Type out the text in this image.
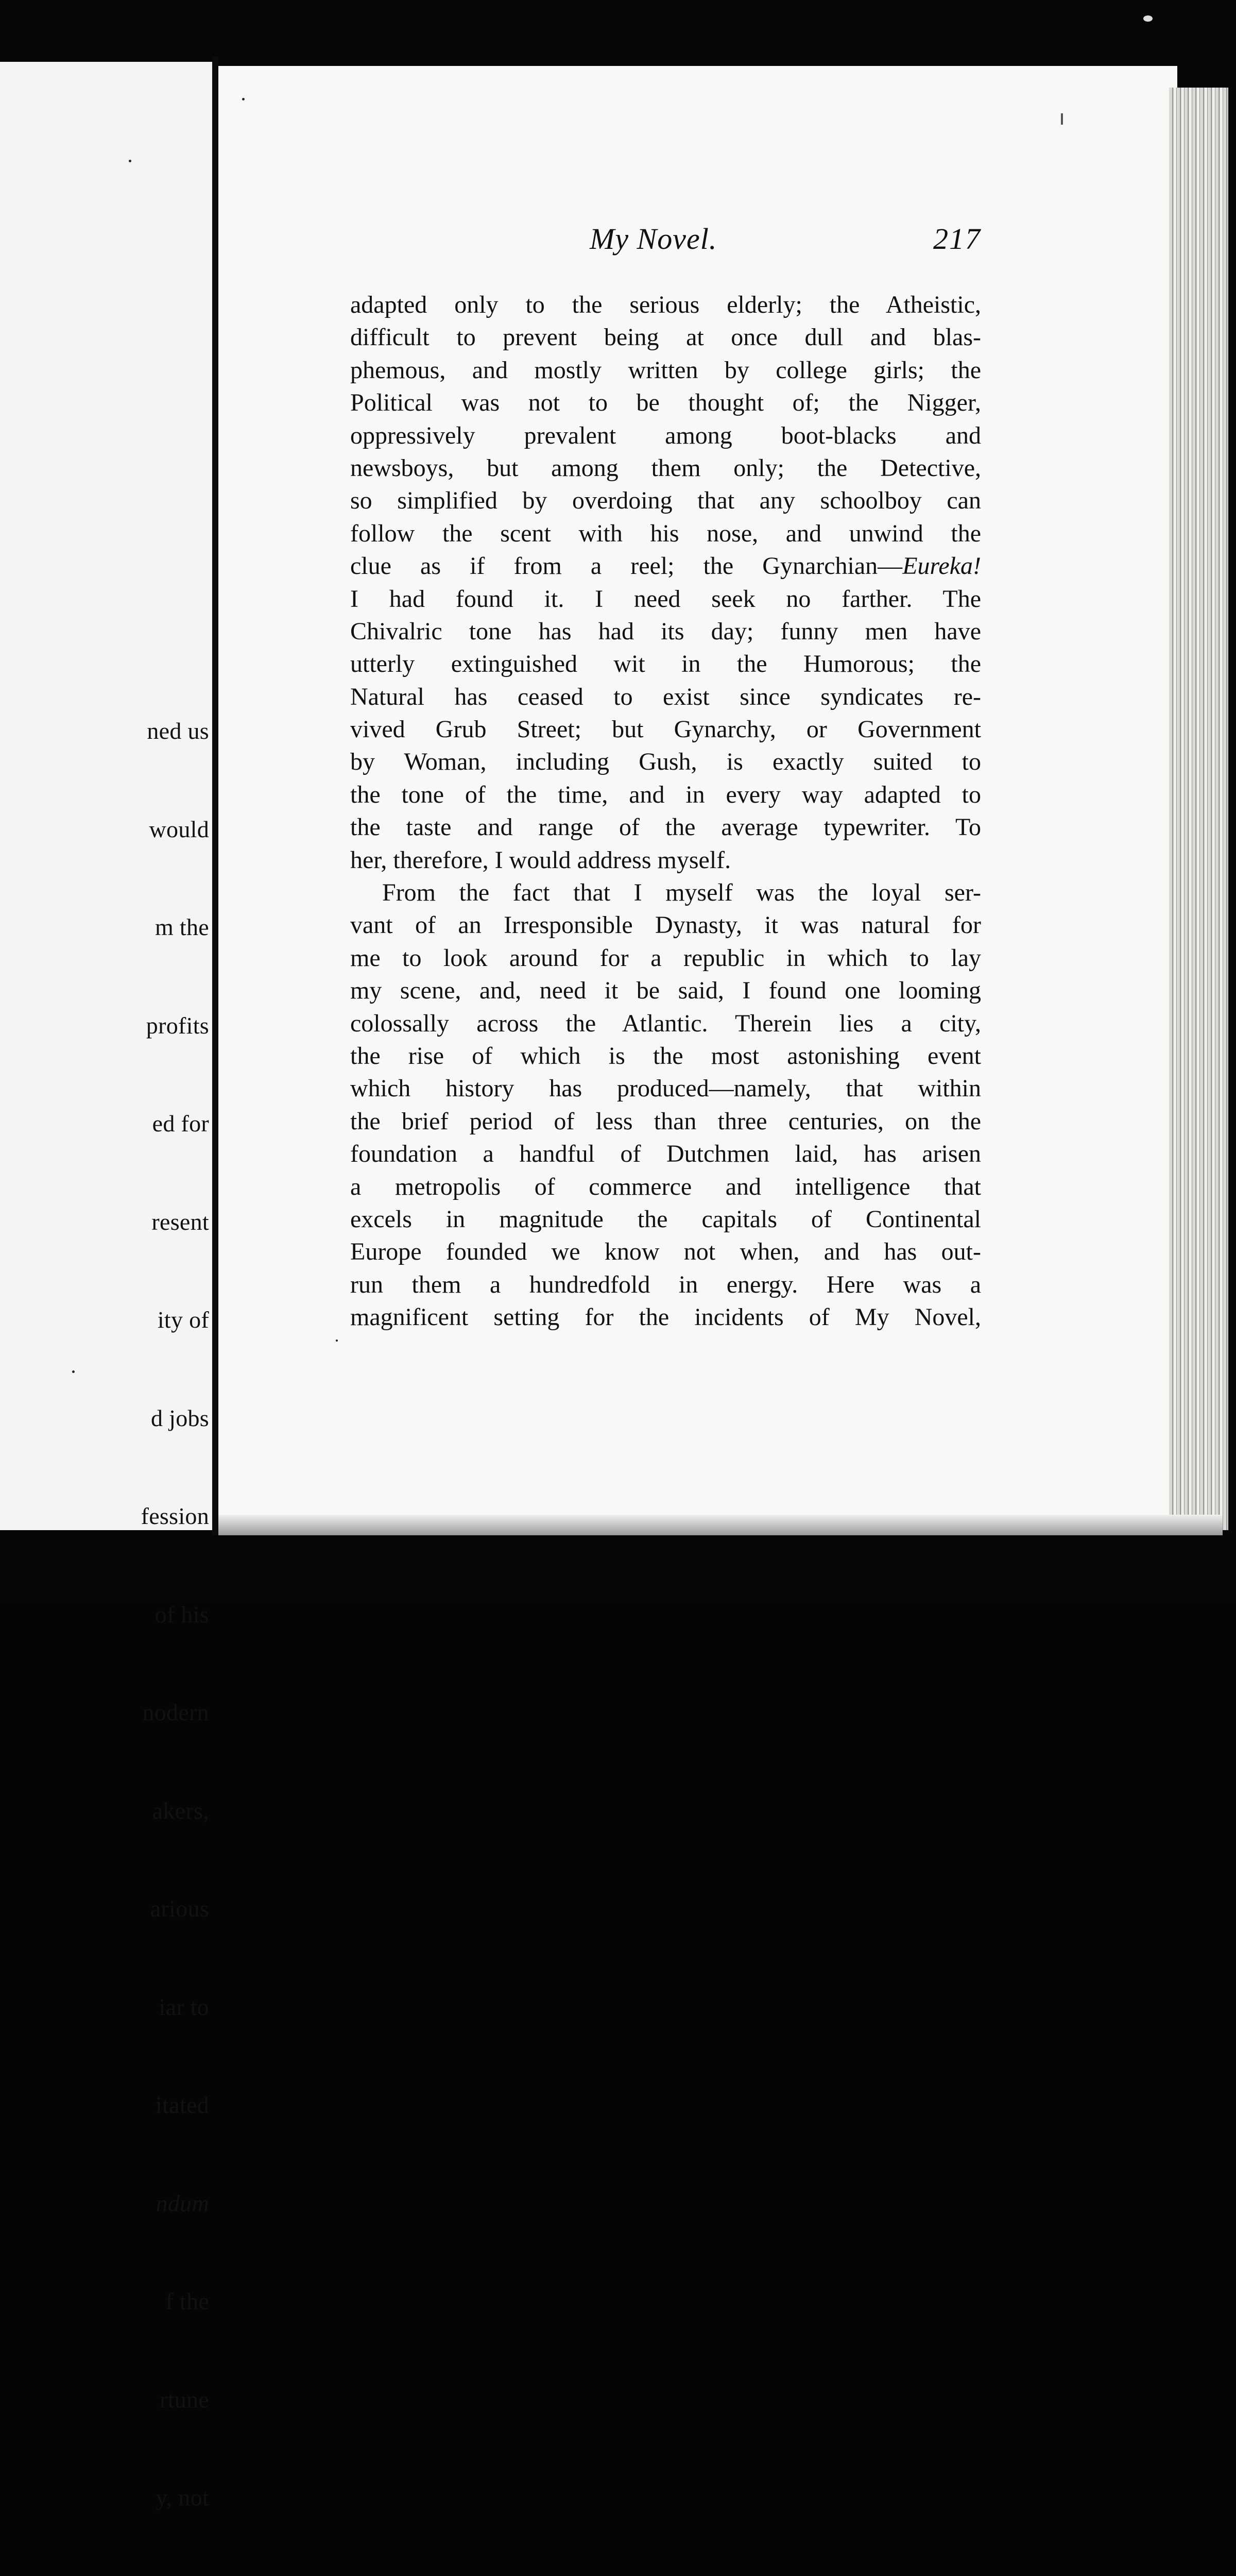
ned us

would

m the

profits

ed for

resent

ity of

d jobs

fession

of his

nodern

akers,

arious

iar to

itated

ndum

f the

rtune

y, not

My Novel.	217
adapted only to the serious elderly; the Atheistic,
difficult to prevent being at once dull and blas-
phemous, and mostly written by college girls; the
Political was not to be thought of; the Nigger,
oppressively prevalent among boot-blacks and
newsboys, but among them only; the Detective,
so simplified by overdoing that any schoolboy can
follow the scent with his nose, and unwind the
clue as if from a reel; the Gynarchian—Eureka!
I had found it. I need seek no farther. The
Chivalric tone has had its day; funny men have
utterly extinguished wit in the Humorous; the
Natural has ceased to exist since syndicates re-
vived Grub Street; but Gynarchy, or Government
by Woman, including Gush, is exactly suited to
the tone of the time, and in every way adapted to
the taste and range of the average typewriter. To
her, therefore, I would address myself.
From the fact that I myself was the loyal ser-
vant of an Irresponsible Dynasty, it was natural for
me to look around for a republic in which to lay
my scene, and, need it be said, I found one looming
colossally across the Atlantic. Therein lies a city,
the rise of which is the most astonishing event
which history has produced—namely, that within
the brief period of less than three centuries, on the
foundation a handful of Dutchmen laid, has arisen
a metropolis of commerce and intelligence that
excels in magnitude the capitals of Continental
Europe founded we know not when, and has out-
run them a hundredfold in energy. Here was a
magnificent setting for the incidents of My Novel,
